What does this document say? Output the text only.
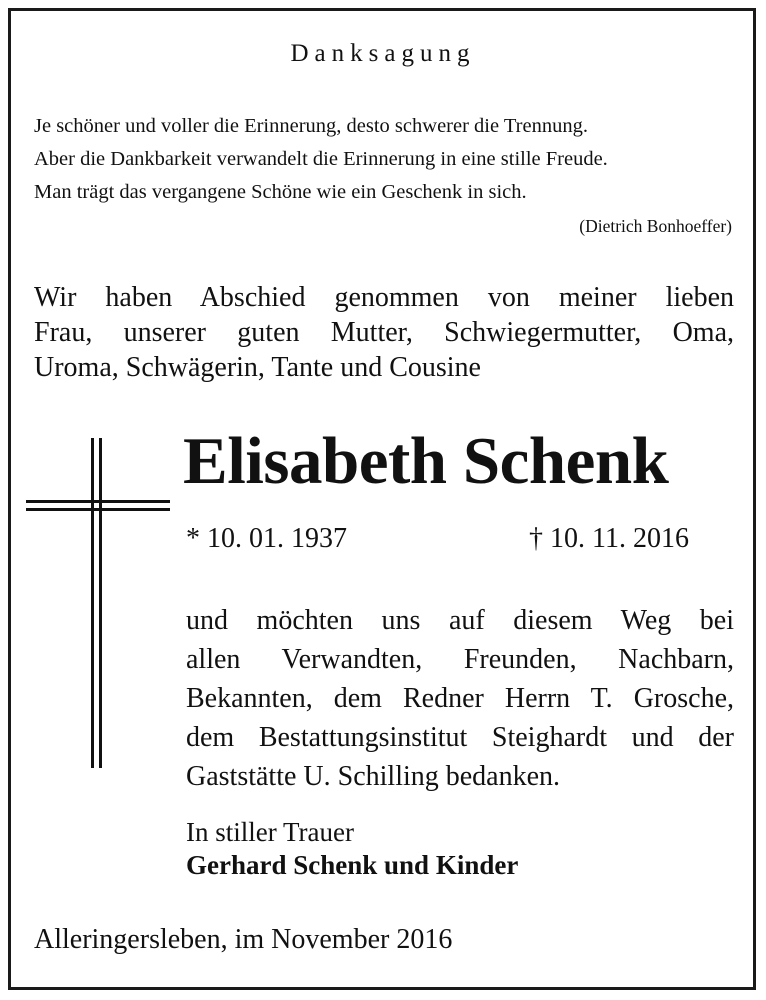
Danksagung
Je schöner und voller die Erinnerung, desto schwerer die Trennung.
Aber die Dankbarkeit verwandelt die Erinnerung in eine stille Freude.
Man trägt das vergangene Schöne wie ein Geschenk in sich.
(Dietrich Bonhoeffer)
Wir haben Abschied genommen von meiner lieben
Frau, unserer guten Mutter, Schwiegermutter, Oma,
Uroma, Schwägerin, Tante und Cousine
Elisabeth Schenk
* 10. 01. 1937	† 10. 11. 2016
und möchten uns auf diesem Weg bei
allen Verwandten, Freunden, Nachbarn,
Bekannten, dem Redner Herrn T. Grosche,
dem Bestattungsinstitut Steighardt und der
Gaststätte U. Schilling bedanken.
In stiller Trauer
Gerhard Schenk und Kinder
Alleringersleben, im November 2016
